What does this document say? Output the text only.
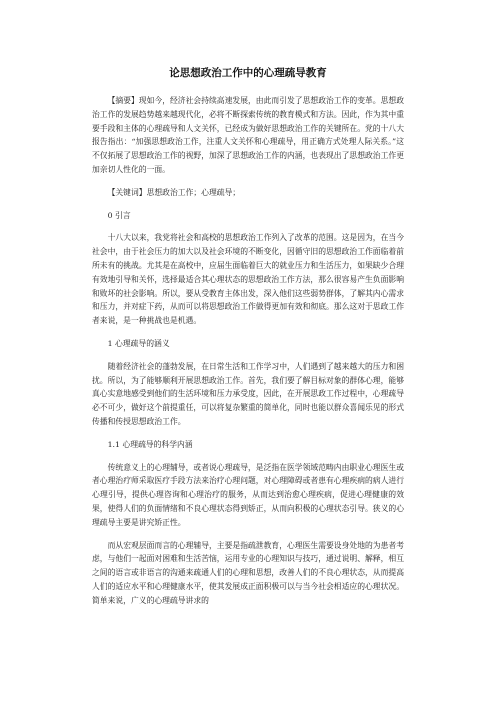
论思想政治工作中的心理疏导教育

【摘要】现如今，经济社会持续高速发展，由此而引发了思想政治工作的变革。思想政治工作的发展趋势越来越现代化，必将不断探索传统的教育模式和方法。因此，作为其中重要手段和主体的心理疏导和人文关怀，已经成为做好思想政治工作的关键所在。党的十八大报告指出：“加强思想政治工作，注重人文关怀和心理疏导，用正确方式处理人际关系。”这不仅拓展了思想政治工作的视野，加深了思想政治工作的内涵，也表现出了思想政治工作更加亲切人性化的一面。

【关键词】思想政治工作；心理疏导；

0 引言

十八大以来，我党将社会和高校的思想政治工作列入了改革的范围。这是因为，在当今社会中，由于社会压力的加大以及社会环境的不断变化，因循守旧的思想政治工作面临着前所未有的挑战。尤其是在高校中，应届生面临着巨大的就业压力和生活压力，如果缺少合理有效地引导和关怀，选择最适合其心理状态的思想政治工作方法，那么很容易产生负面影响和败坏的社会影响。所以，要从受教育主体出发，深入他们这些弱势群体，了解其内心需求和压力，并对症下药，从而可以将思想政治工作做得更加有效和彻底。那么这对于思政工作者来说，是一种挑战也是机遇。

1 心理疏导的涵义

随着经济社会的蓬勃发展，在日常生活和工作学习中，人们遇到了越来越大的压力和困扰。所以，为了能够顺利开展思想政治工作。首先，我们要了解目标对象的群体心理，能够真心实意地感受到他们的生活环境和压力承受度，因此，在开展思政工作过程中，心理疏导必不可少，做好这个前提重任，可以将复杂繁重的简单化，同时也能以群众喜闻乐见的形式传播和传授思想政治工作。

1.1 心理疏导的科学内涵

传统意义上的心理辅导，或者说心理疏导，是泛指在医学领域范畴内由职业心理医生或者心理治疗师采取医疗手段方法来治疗心理问题，对心理障碍或者患有心理疾病的病人进行心理引导，提供心理咨询和心理治疗的服务，从而达到治愈心理疾病，促进心理健康的效果，使得人们的负面情绪和不良心理状态得到矫正，从而向积极的心理状态引导。狭义的心理疏导主要是讲究矫正性。

而从宏观层面而言的心理辅导，主要是指疏泄教育，心理医生需要设身处地的为患者考虑，与他们一起面对困难和生活苦恼，运用专业的心理知识与技巧，通过说明、解释，相互之间的语言或非语言的沟通来疏通人们的心理和思想，改善人们的不良心理状态，从而提高人们的适应水平和心理健康水平，使其发展成正面积极可以与当今社会相适应的心理状况。简单来说，广义的心理疏导讲求的
